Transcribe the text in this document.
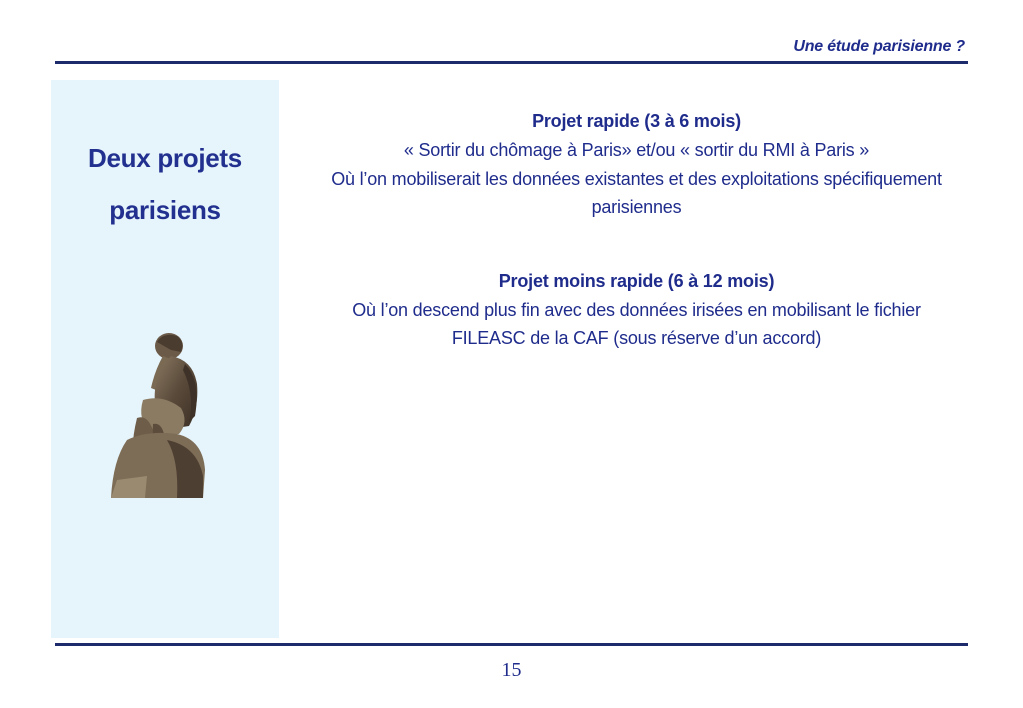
Une étude parisienne ?
Deux projets
parisiens

Projet rapide (3 à 6 mois)

« Sortir du chômage à Paris» et/ou « sortir du RMI à Paris »

Où l’on mobiliserait les données existantes et des exploitations spécifiquement

parisiennes

Projet moins rapide (6 à 12 mois)

Où l’on descend plus fin avec des données irisées en mobilisant le fichier

FILEASC de la CAF (sous réserve d’un accord)

15
